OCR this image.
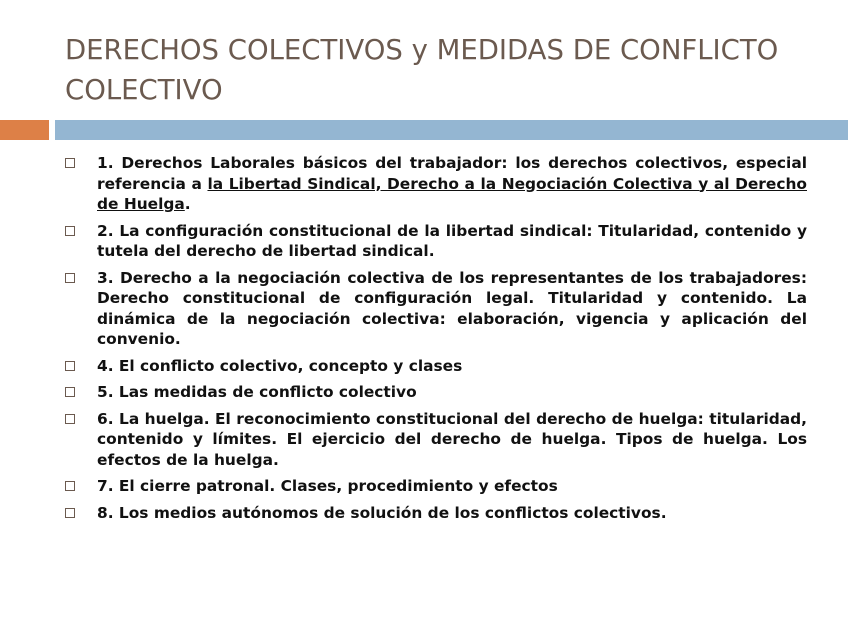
DERECHOS COLECTIVOS y MEDIDAS DE CONFLICTO COLECTIVO
1. Derechos Laborales básicos del trabajador: los derechos colectivos, especial referencia a la Libertad Sindical, Derecho a la Negociación Colectiva y al Derecho de Huelga.
2. La configuración constitucional de la libertad sindical: Titularidad, contenido y tutela del derecho de libertad sindical.
3. Derecho a la negociación colectiva de los representantes de los trabajadores: Derecho constitucional de configuración legal. Titularidad y contenido. La dinámica de la negociación colectiva: elaboración, vigencia y aplicación del convenio.
4. El conflicto colectivo, concepto y clases
5. Las medidas de conflicto colectivo
6. La huelga. El reconocimiento constitucional del derecho de huelga: titularidad, contenido y límites. El ejercicio del derecho de huelga. Tipos de huelga. Los efectos de la huelga.
7. El cierre patronal. Clases, procedimiento y efectos
8. Los medios autónomos de solución de los conflictos colectivos.
